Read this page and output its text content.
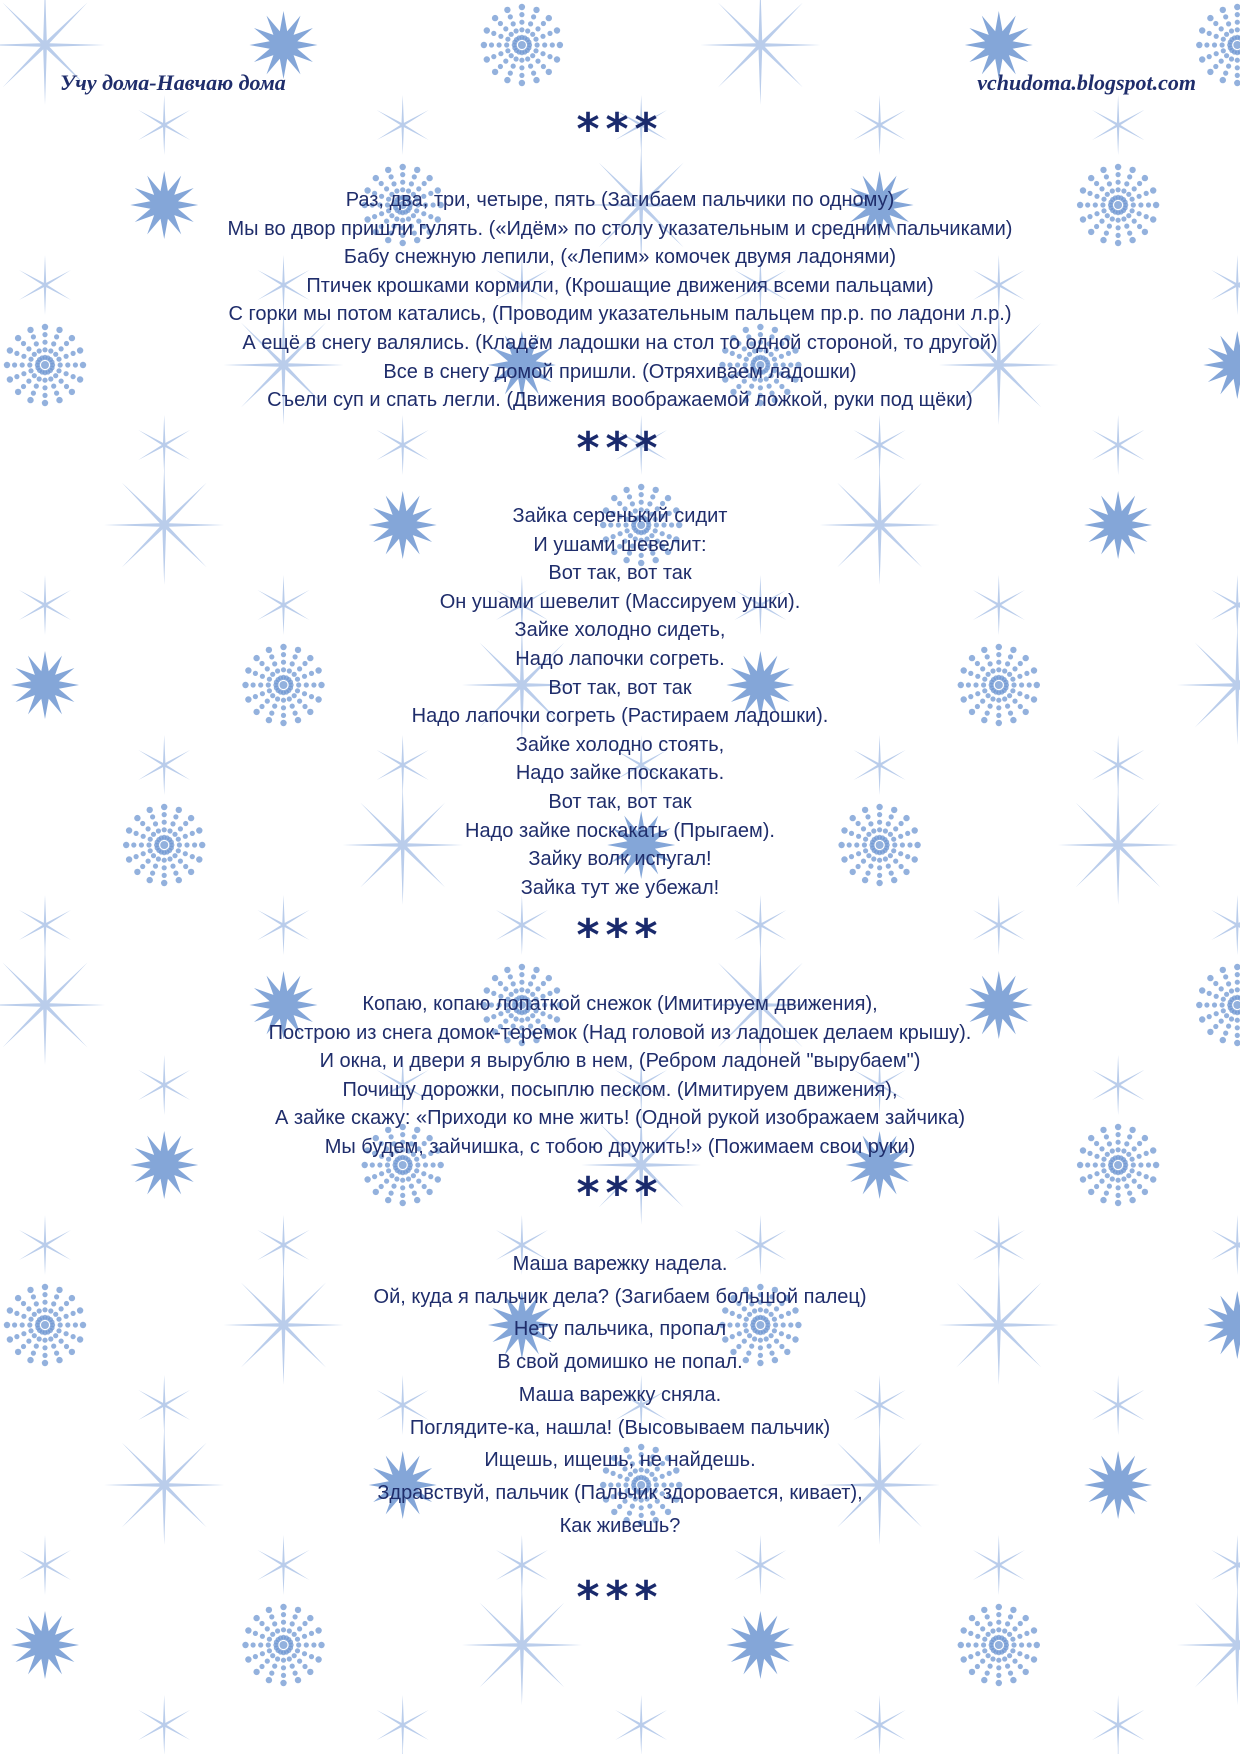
Учу дома-Навчаю дома	vchudoma.blogspot.com
***
Раз, два, три, четыре, пять (Загибаем пальчики по одному)
Мы во двор пришли гулять. («Идём» по столу указательным и средним пальчиками)
Бабу снежную лепили, («Лепим» комочек двумя ладонями)
Птичек крошками кормили, (Крошащие движения всеми пальцами)
С горки мы потом катались, (Проводим указательным пальцем пр.р. по ладони л.р.)
А ещё в снегу валялись. (Кладём ладошки на стол то одной стороной, то другой)
Все в снегу домой пришли. (Отряхиваем ладошки)
Съели суп и спать легли. (Движения воображаемой ложкой, руки под щёки)
***
Зайка серенький сидит
И ушами шевелит:
Вот так, вот так
Он ушами шевелит (Массируем ушки).
Зайке холодно сидеть,
Надо лапочки согреть.
Вот так, вот так
Надо лапочки согреть (Растираем ладошки).
Зайке холодно стоять,
Надо зайке поскакать.
Вот так, вот так
Надо зайке поскакать (Прыгаем).
Зайку волк испугал!
Зайка тут же убежал!
***
Копаю, копаю лопаткой снежок (Имитируем движения),
Построю из снега домок-теремок (Над головой из ладошек делаем крышу).
И окна, и двери я вырублю в нем, (Ребром ладоней "вырубаем")
Почищу дорожки, посыплю песком. (Имитируем движения),
А зайке скажу: «Приходи ко мне жить! (Одной рукой изображаем зайчика)
Мы будем, зайчишка, с тобою дружить!» (Пожимаем свои руки)
***
Маша варежку надела.
Ой, куда я пальчик дела? (Загибаем большой палец)
Нету пальчика, пропал
В свой домишко не попал.
Маша варежку сняла.
Поглядите-ка, нашла! (Высовываем пальчик)
Ищешь, ищешь, не найдешь.
Здравствуй, пальчик (Пальчик здоровается, кивает),
Как живешь?
***
